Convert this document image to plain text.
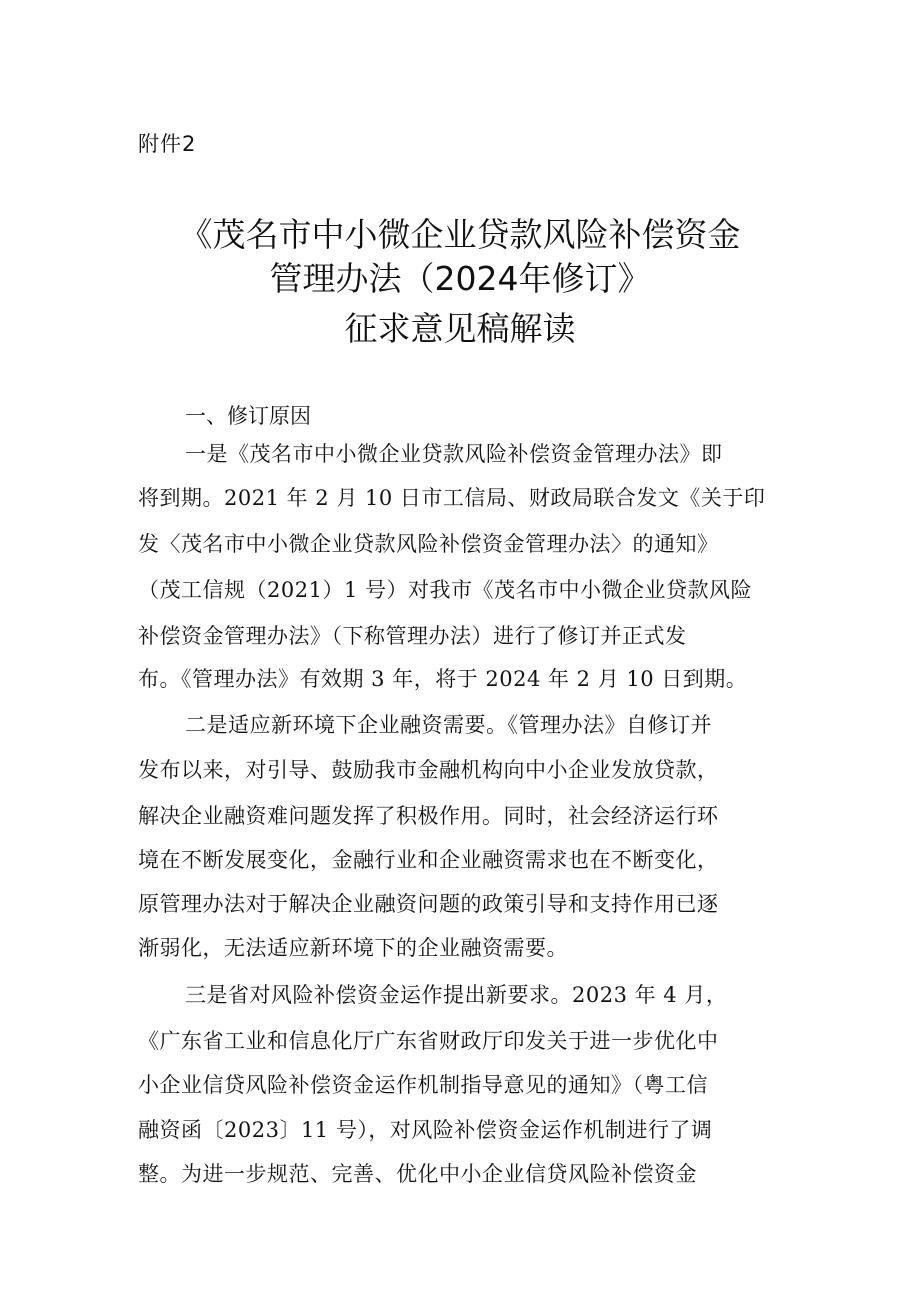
附件2
《茂名市中小微企业贷款风险补偿资金
管理办法（2024年修订》
征求意见稿解读
一、修订原因
一是《茂名市中小微企业贷款风险补偿资金管理办法》即
将到期。2021 年 2 月 10 日市工信局、财政局联合发文《关于印
发〈茂名市中小微企业贷款风险补偿资金管理办法〉的通知》
（茂工信规（2021）1 号）对我市《茂名市中小微企业贷款风险
补偿资金管理办法》（下称管理办法）进行了修订并正式发
布。《管理办法》有效期 3 年，将于 2024 年 2 月 10 日到期。
二是适应新环境下企业融资需要。《管理办法》自修订并
发布以来，对引导、鼓励我市金融机构向中小企业发放贷款，
解决企业融资难问题发挥了积极作用。同时，社会经济运行环
境在不断发展变化，金融行业和企业融资需求也在不断变化，
原管理办法对于解决企业融资问题的政策引导和支持作用已逐
渐弱化，无法适应新环境下的企业融资需要。
三是省对风险补偿资金运作提出新要求。2023 年 4 月，
《广东省工业和信息化厅广东省财政厅印发关于进一步优化中
小企业信贷风险补偿资金运作机制指导意见的通知》（粤工信
融资函〔2023〕11 号），对风险补偿资金运作机制进行了调
整。为进一步规范、完善、优化中小企业信贷风险补偿资金
